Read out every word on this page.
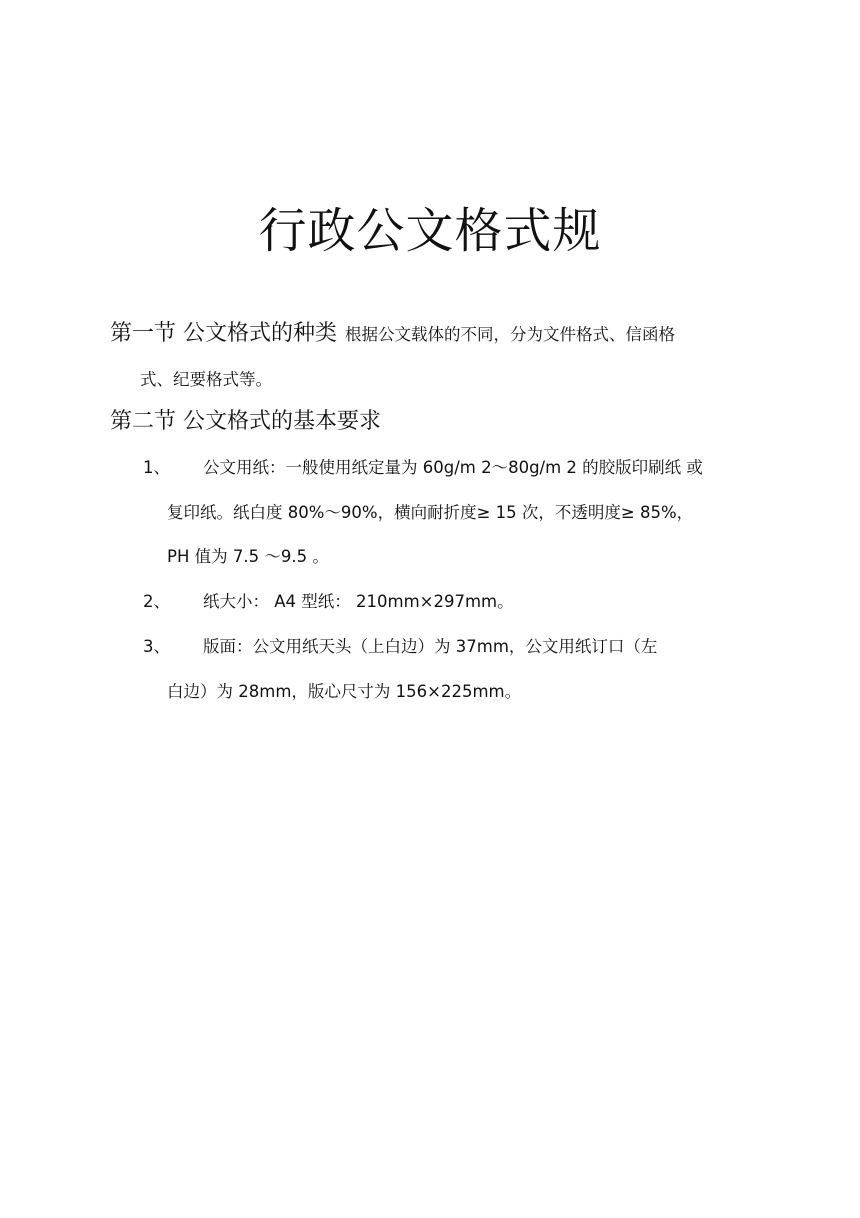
行政公文格式规
第一节 公文格式的种类 根据公文载体的不同，分为文件格式、信函格
式、纪要格式等。
第二节 公文格式的基本要求
1、 公文用纸：一般使用纸定量为 60g/m 2～80g/m 2 的胶版印刷纸 或
复印纸。纸白度 80%～90%，横向耐折度≥ 15 次，不透明度≥ 85%，
PH 值为 7.5 ～9.5 。
2、 纸大小： A4 型纸： 210mm×297mm。
3、 版面：公文用纸天头（上白边）为 37mm，公文用纸订口（左
白边）为 28mm，版心尺寸为 156×225mm。
